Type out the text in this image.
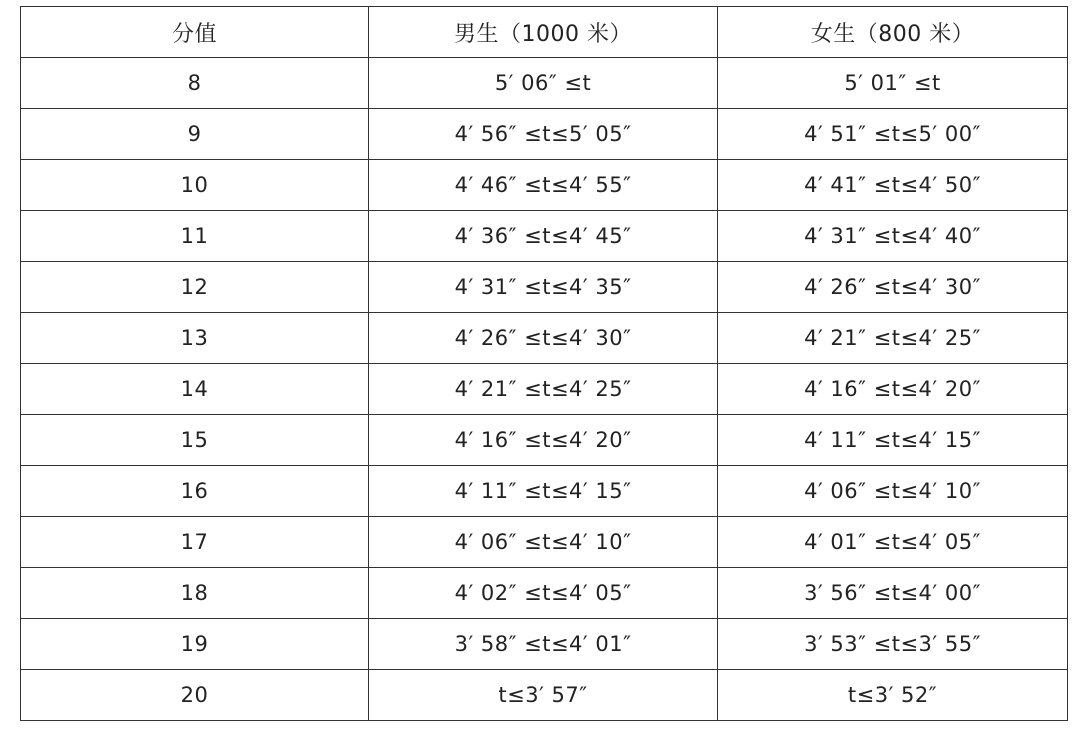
分值	男生（1000 米）	女生（800 米）
8	5′ 06″ ≤t	5′ 01″ ≤t
9	4′ 56″ ≤t≤5′ 05″	4′ 51″ ≤t≤5′ 00″
10	4′ 46″ ≤t≤4′ 55″	4′ 41″ ≤t≤4′ 50″
11	4′ 36″ ≤t≤4′ 45″	4′ 31″ ≤t≤4′ 40″
12	4′ 31″ ≤t≤4′ 35″	4′ 26″ ≤t≤4′ 30″
13	4′ 26″ ≤t≤4′ 30″	4′ 21″ ≤t≤4′ 25″
14	4′ 21″ ≤t≤4′ 25″	4′ 16″ ≤t≤4′ 20″
15	4′ 16″ ≤t≤4′ 20″	4′ 11″ ≤t≤4′ 15″
16	4′ 11″ ≤t≤4′ 15″	4′ 06″ ≤t≤4′ 10″
17	4′ 06″ ≤t≤4′ 10″	4′ 01″ ≤t≤4′ 05″
18	4′ 02″ ≤t≤4′ 05″	3′ 56″ ≤t≤4′ 00″
19	3′ 58″ ≤t≤4′ 01″	3′ 53″ ≤t≤3′ 55″
20	t≤3′ 57″	t≤3′ 52″
